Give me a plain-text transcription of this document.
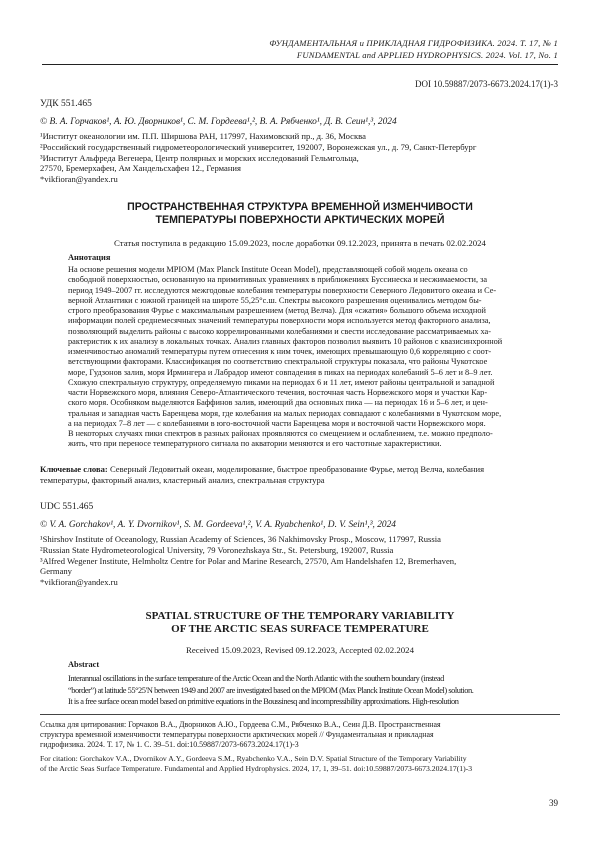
ФУНДАМЕНТАЛЬНАЯ и ПРИКЛАДНАЯ ГИДРОФИЗИКА. 2024. Т. 17, № 1
FUNDAMENTAL and APPLIED HYDROPHYSICS. 2024. Vol. 17, No. 1
DOI 10.59887/2073-6673.2024.17(1)-3
УДК 551.465
© В. А. Горчаков¹, А. Ю. Дворников¹, С. М. Гордеева¹,², В. А. Рябченко¹, Д. В. Сеин¹,³, 2024
¹Институт океанологии им. П.П. Ширшова РАН, 117997, Нахимовский пр., д. 36, Москва
²Российский государственный гидрометеорологический университет, 192007, Воронежская ул., д. 79, Санкт-Петербург
³Институт Альфреда Вегенера, Центр полярных и морских исследований Гельмгольца,
27570, Бремерхафен, Ам Хандельсхафен 12., Германия
*vikfioran@yandex.ru
ПРОСТРАНСТВЕННАЯ СТРУКТУРА ВРЕМЕННОЙ ИЗМЕНЧИВОСТИ
ТЕМПЕРАТУРЫ ПОВЕРХНОСТИ АРКТИЧЕСКИХ МОРЕЙ
Статья поступила в редакцию 15.09.2023, после доработки 09.12.2023, принята в печать 02.02.2024
Аннотация
На основе решения модели MPIOM (Max Planck Institute Ocean Model), представляющей собой модель океана со
свободной поверхностью, основанную на примитивных уравнениях в приближениях Буссинеска и несжимаемости, за
период 1949–2007 гг. исследуются межгодовые колебания температуры поверхности Северного Ледовитого океана и Се-
верной Атлантики с южной границей на широте 55,25°с.ш. Спектры высокого разрешения оценивались методом бы-
строго преобразования Фурье с максимальным разрешением (метод Велча). Для «сжатия» большого объема исходной
информации полей среднемесячных значений температуры поверхности моря используется метод факторного анализа,
позволяющий выделить районы с высоко коррелированными колебаниями и свести исследование рассматриваемых ха-
рактеристик к их анализу в локальных точках. Анализ главных факторов позволил выявить 10 районов с квазисинхронной
изменчивостью аномалий температуры путем отнесения к ним точек, имеющих превышающую 0,6 корреляцию с соот-
ветствующими факторами. Классификация по соответствию спектральной структуры показала, что районы Чукотское
море, Гудзонов залив, моря Ирмингера и Лабрадор имеют совпадения в пиках на периодах колебаний 5–6 лет и 8–9 лет.
Схожую спектральную структуру, определяемую пиками на периодах 6 и 11 лет, имеют районы центральной и западной
части Норвежского моря, влияния Северо-Атлантического течения, восточная часть Норвежского моря и участки Кар-
ского моря. Особняком выделяются Баффинов залив, имеющий два основных пика — на периодах 16 и 5–6 лет, и цен-
тральная и западная часть Баренцева моря, где колебания на малых периодах совпадают с колебаниями в Чукотском море,
а на периодах 7–8 лет — с колебаниями в юго-восточной части Баренцева моря и восточной части Норвежского моря.
В некоторых случаях пики спектров в разных районах проявляются со смещением и ослаблением, т.е. можно предполо-
жить, что при переносе температурного сигнала по акватории меняются и его частотные характеристики.
Ключевые слова: Северный Ледовитый океан, моделирование, быстрое преобразование Фурье, метод Велча, колебания
температуры, факторный анализ, кластерный анализ, спектральная структура
UDC 551.465
© V. A. Gorchakov¹, A. Y. Dvornikov¹, S. M. Gordeeva¹,², V. A. Ryabchenko¹, D. V. Sein¹,³, 2024
¹Shirshov Institute of Oceanology, Russian Academy of Sciences, 36 Nakhimovsky Prosp., Moscow, 117997, Russia
²Russian State Hydrometeorological University, 79 Voronezhskaya Str., St. Petersburg, 192007, Russia
³Alfred Wegener Institute, Helmholtz Centre for Polar and Marine Research, 27570, Am Handelshafen 12, Bremerhaven,
Germany
*vikfioran@yandex.ru
SPATIAL STRUCTURE OF THE TEMPORARY VARIABILITY
OF THE ARCTIC SEAS SURFACE TEMPERATURE
Received 15.09.2023, Revised 09.12.2023, Accepted 02.02.2024
Abstract
Interannual oscillations in the surface temperature of the Arctic Ocean and the North Atlantic with the southern boundary (instead
“border”) at latitude 55°25′N between 1949 and 2007 are investigated based on the MPIOM (Max Planck Institute Ocean Model) solution.
It is a free surface ocean model based on primitive equations in the Boussinesq and incompressibility approximations. High-resolution
Ссылка для цитирования: Горчаков В.А., Дворников А.Ю., Гордеева С.М., Рябченко В.А., Сеин Д.В. Пространственная
структура временной изменчивости температуры поверхности арктических морей // Фундаментальная и прикладная
гидрофизика. 2024. Т. 17, № 1. С. 39–51. doi:10.59887/2073-6673.2024.17(1)-3
For citation: Gorchakov V.A., Dvornikov A.Y., Gordeeva S.M., Ryabchenko V.A., Sein D.V. Spatial Structure of the Temporary Variability
of the Arctic Seas Surface Temperature. Fundamental and Applied Hydrophysics. 2024, 17, 1, 39–51. doi:10.59887/2073-6673.2024.17(1)-3
39
